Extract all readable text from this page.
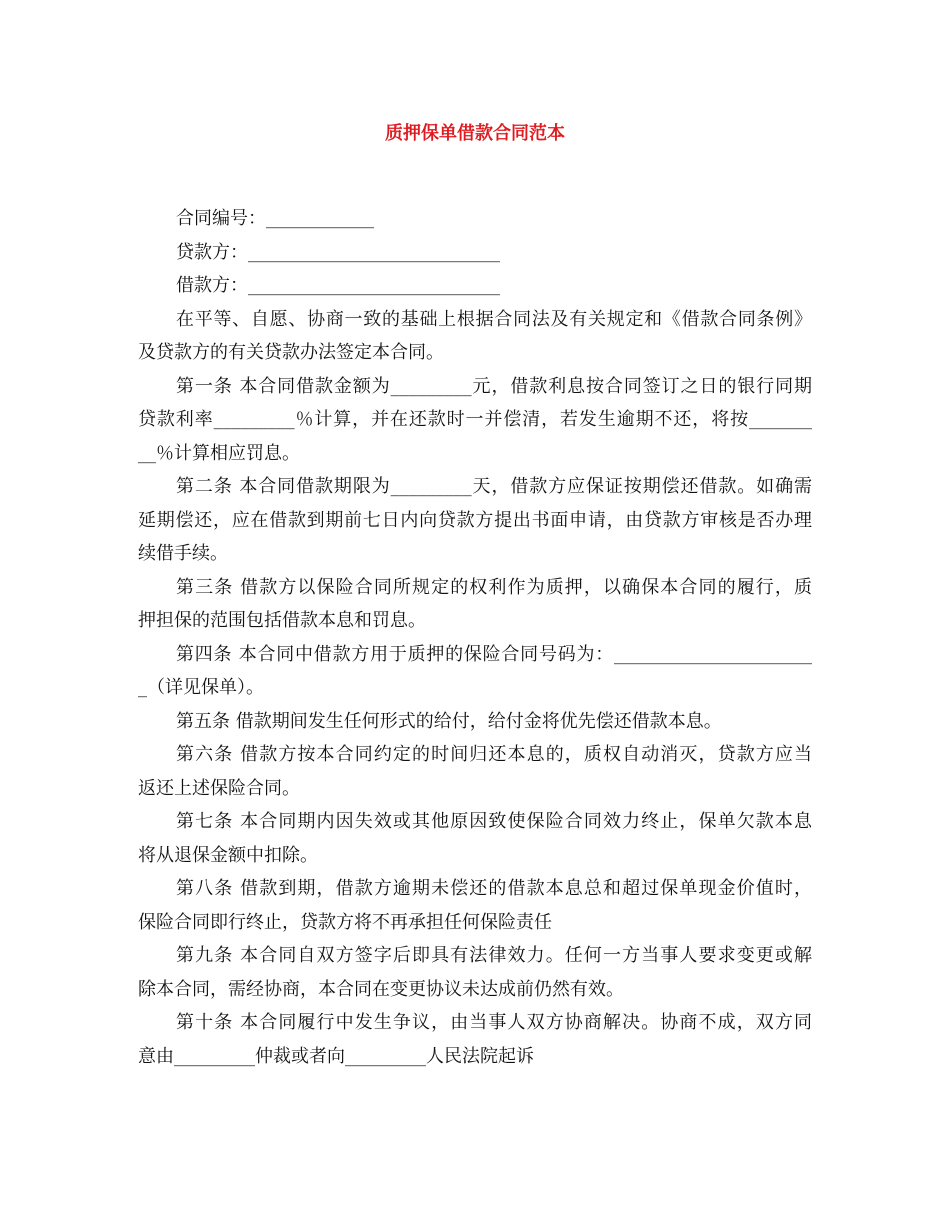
质押保单借款合同范本

合同编号：____________

贷款方：____________________________

借款方：____________________________

在平等、自愿、协商一致的基础上根据合同法及有关规定和《借款合同条例》
及贷款方的有关贷款办法签定本合同。

第一条 本合同借款金额为_________元，借款利息按合同签订之日的银行同期
贷款利率_________％计算，并在还款时一并偿清，若发生逾期不还，将按_______
__％计算相应罚息。

第二条 本合同借款期限为_________天，借款方应保证按期偿还借款。如确需
延期偿还，应在借款到期前七日内向贷款方提出书面申请，由贷款方审核是否办理
续借手续。

第三条 借款方以保险合同所规定的权利作为质押，以确保本合同的履行，质
押担保的范围包括借款本息和罚息。

第四条 本合同中借款方用于质押的保险合同号码为：______________________
_（详见保单）。

第五条 借款期间发生任何形式的给付，给付金将优先偿还借款本息。

第六条 借款方按本合同约定的时间归还本息的，质权自动消灭，贷款方应当
返还上述保险合同。

第七条 本合同期内因失效或其他原因致使保险合同效力终止，保单欠款本息
将从退保金额中扣除。

第八条 借款到期，借款方逾期未偿还的借款本息总和超过保单现金价值时，
保险合同即行终止，贷款方将不再承担任何保险责任

第九条 本合同自双方签字后即具有法律效力。任何一方当事人要求变更或解
除本合同，需经协商，本合同在变更协议未达成前仍然有效。

第十条 本合同履行中发生争议，由当事人双方协商解决。协商不成，双方同
意由_________仲裁或者向_________人民法院起诉
